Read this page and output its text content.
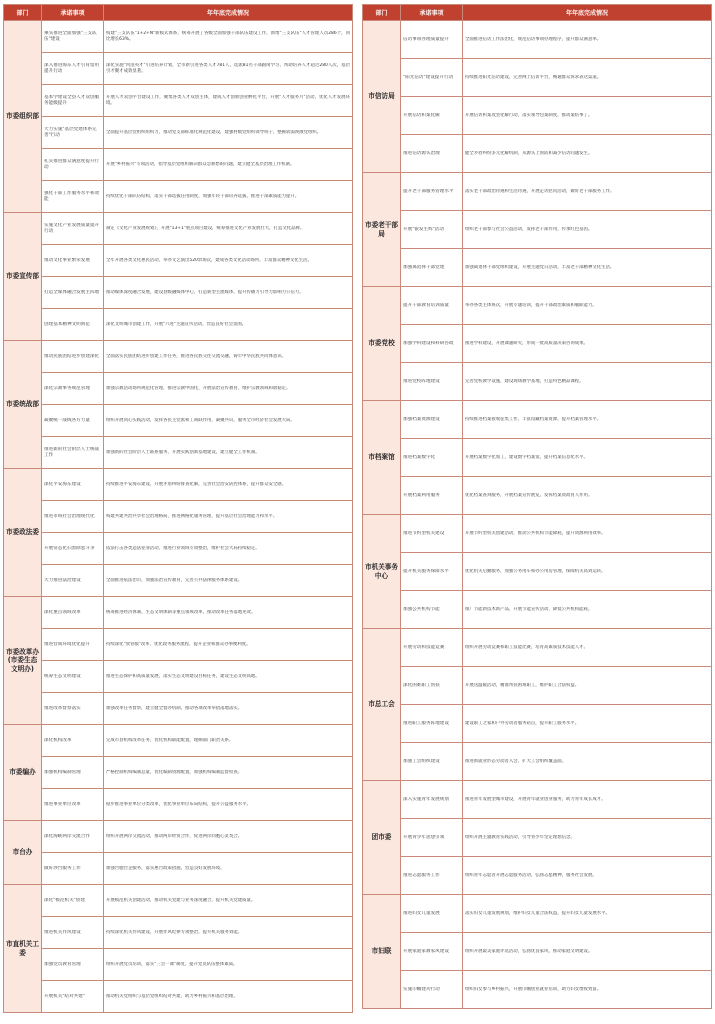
部门	承诺事项	年年底完成情况
市委组织部	乘头推进全面加强"三支队伍"建设	构建"三支队伍"1+2+N"新模式体系，统筹开展了各级全面加强干部队伍建设工作，新增"三支队伍"人才管理人员286个，同比增长63%。

	深入推进海东人才引育留用提升行动	深化实施"河湟英才"引进培养计划，全市新引进各类人才781人，选派81名干部跟岗学习，帮助培养人才超过280人次，基层引才聚才成效显著。

	基本学建设全县人才双创服务能级提升	开展人才双创平台建设工作，聚集各类人才双创主体，建成人才创新创业孵化平台，开展"人才服务月"活动，优化人才发展环境。

	大力实施"基层党建体系完善"行动	全面提升基层党组织组织力，推动党支部标准化规范化建设，建强村级党组织领导班子，整顿软弱涣散党组织。

	扎实推进群众满意度提升行动	开展"乡村振兴"专项活动，指导基层党组织解决群众急难愁盼问题，建立健全基层治理工作机制。

	强化干部工作服务水平和效能	持续优化干部队伍结构，落实干部选拔任用制度，加强年轻干部培养选拔，推进干部素质能力提升。

市委宣传部	实施文化产业发展质量提升行动	制定《文化产业发展规划》，开展"13+1"重点项目建设，统筹推进文化产业发展壮大，打造文化品牌。

	推动文化事业繁荣发展	全年开展各类文化惠民活动，举办文艺演出520余场次，建成各类文化活动场所，丰富群众精神文化生活。

	打造全媒体融合发展主阵地	推动媒体深度融合发展，建设县级融媒体中心，打造新型主流媒体，提升传播力引导力影响力公信力。

	创建基本精神文明典范	深化文明城市创建工作，开展"六进"主题宣传活动，营造良好社会氛围。

市委统战部	推动民族团结进步创建深化	全面落实民族团结进步创建工作任务，推进各民族交往交流交融，铸牢中华民族共同体意识。

	深化宗教事务规范管理	加强宗教活动场所规范化管理，推进宗教中国化，开展法治宣传教育，维护宗教领域和谐稳定。

	凝聚统一战线各方力量	组织开展同心实践活动，发挥各民主党派和工商联作用，凝聚共识，服务全市经济社会发展大局。

	推进新的社会阶层人士统战工作	加强新的社会阶层人士联系服务，开展实践创新基地建设，建立健全工作机制。

市委政法委	深化平安海东建设	持续推进平安海东建设，开展矛盾纠纷排查化解，完善社会治安防控体系，提升群众安全感。

	推进市域社会治理现代化	构建共建共治共享社会治理格局，推进网格化服务管理，提升基层社会治理能力和水平。

	开展常态化扫黑除恶斗争	依法打击各类违法犯罪活动，推进行业领域专项整治，维护社会大局持续稳定。

	大力推进法治建设	全面推进依法治市，加强法治宣传教育，完善公共法律服务体系建设。

市委改革办(市委生态文明办)	深化重点领域改革	统筹推进经济体制、生态文明体制等重点领域改革，推动改革任务落地见效。

	推进营商环境优化提升	持续深化"放管服"改革，优化政务服务流程，提升企业和群众办事便利度。

	统筹生态文明建设	推进生态保护和高质量发展，落实生态文明建设目标任务，建设生态文明高地。

	推进改革督察落实	加强改革任务督察，建立健全督办机制，推动各项改革举措落地落实。

市委编办	深化机构改革	完成市县机构改革任务，优化机构职能配置，理顺部门职责关系。

	加强机构编制管理	严格控制机构编制总量，优化编制资源配置，加强机构编制监督检查。

	推进事业单位改革	稳步推进事业单位分类改革，优化事业单位布局结构，提升公益服务水平。

市台办	深化海峡两岸交流合作	组织开展两岸交流活动，推动两岸经贸合作，促进两岸同胞心灵契合。

	做好涉台服务工作	加强台胞台企服务，落实惠台政策措施，营造良好发展环境。

市直机关工委	深化"模范机关"创建	开展模范机关创建活动，推动机关党建与业务深度融合，提升机关党建质量。

	推进机关作风建设	持续深化机关作风建设，开展作风纪律专项整治，提升机关服务效能。

	加强党员教育管理	组织开展党员培训，落实"三会一课"制度，提升党员队伍整体素质。

	开展机关"结对共建"	推动机关党组织与基层党组织结对共建，助力乡村振兴和基层治理。
部门	承诺事项	年年底完成情况
市信访局	信访事项办理质量提升	全面推进信访工作法治化，规范信访事项办理程序，提升群众满意率。

	"阳光信访"建设提升行动	持续推进阳光信访建设，完善网上信访平台，畅通群众诉求表达渠道。

	开展信访积案化解	开展信访积案攻坚化解行动，落实领导包案制度，推动案结事了。

	推进信访源头治理	健全矛盾纠纷多元化解机制，从源头上预防和减少信访问题发生。

市委老干部局	提升老干部服务管理水平	落实老干部政治待遇和生活待遇，开展走访慰问活动，做好老干部服务工作。

	开展"银发生辉"活动	组织老干部参与社会公益活动，发挥老干部作用，传承红色基因。

	加强离退休干部党建	加强离退休干部党组织建设，开展主题党日活动，丰富老干部精神文化生活。

市委党校	提升干部教育培训质量	举办各类主体班次，开展专题培训，提升干部政治素质和履职能力。

	加强学科建设和科研咨政	推进学科建设，开展课题研究，形成一批高质量决策咨询成果。

	推进党校阵地建设	完善党校教学设施，建设现场教学基地，打造特色精品课程。

市档案馆	加强档案资源建设	持续推进档案接收征集工作，丰富馆藏档案资源，提升档案管理水平。

	推进档案数字化	开展档案数字化加工，建设数字档案馆，提升档案信息化水平。

	开展档案利用服务	优化档案查询服务，开展档案宣传展览，发挥档案资政育人作用。

市机关事务中心	推进节约型机关建设	开展节约型机关创建活动，推动公共机构节能降耗，提升资源利用效率。

	提升机关服务保障水平	优化机关后勤服务，加强公务用车和办公用房管理，保障机关高效运转。

	加强公共机构节能	推广节能新技术新产品，开展节能宣传活动，降低公共机构能耗。

市总工会	开展劳动和技能竞赛	组织开展劳动竞赛和职工技能比赛，培育高素质技术技能人才。

	深化困难职工帮扶	开展送温暖活动，精准帮扶困难职工，维护职工合法权益。

	推进职工服务阵地建设	建设职工之家和户外劳动者服务站点，提升职工服务水平。

	加强工会组织建设	推进新就业形态劳动者入会，扩大工会组织覆盖面。

团市委	深入实施青年发展规划	推进青年发展型城市建设，开展青年就业创业服务，助力青年成长成才。

	开展青少年思想引领	组织开展主题教育实践活动，引导青少年坚定理想信念。

	推进志愿服务工作	组织青年志愿者开展志愿服务活动，弘扬志愿精神，服务社会发展。

市妇联	推进妇女儿童发展	落实妇女儿童发展规划，维护妇女儿童合法权益，提升妇女儿童发展水平。

	开展家庭家教家风建设	组织开展最美家庭评选活动，弘扬优良家风，推动家庭文明建设。

	实施巾帼建功行动	组织妇女参与乡村振兴，开展巾帼创业就业培训，助力妇女增收致富。
